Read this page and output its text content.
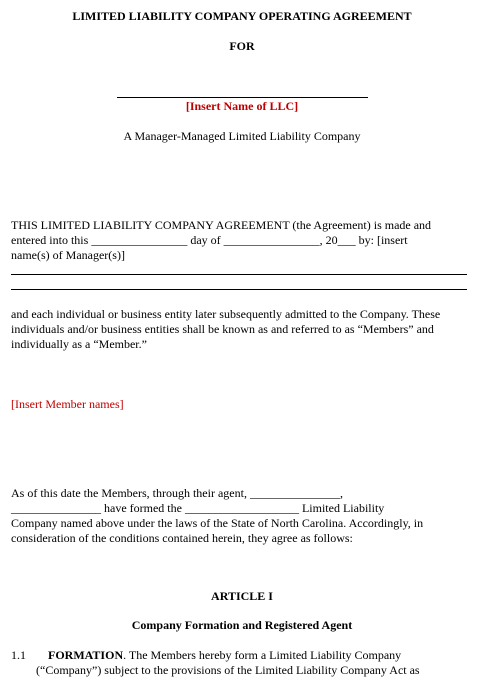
LIMITED LIABILITY COMPANY OPERATING AGREEMENT
FOR
[Insert Name of LLC]
A Manager-Managed Limited Liability Company
THIS LIMITED LIABILITY COMPANY AGREEMENT (the Agreement) is made and
entered into this ________________ day of ________________, 20___ by: [insert
name(s) of Manager(s)]
and each individual or business entity later subsequently admitted to the Company. These
individuals and/or business entities shall be known as and referred to as “Members” and
individually as a “Member.”
[Insert Member names]
As of this date the Members, through their agent, _______________,
_______________ have formed the ___________________ Limited Liability
Company named above under the laws of the State of North Carolina. Accordingly, in
consideration of the conditions contained herein, they agree as follows:
ARTICLE I
Company Formation and Registered Agent
1.1 FORMATION. The Members hereby form a Limited Liability Company
(“Company”) subject to the provisions of the Limited Liability Company Act as
